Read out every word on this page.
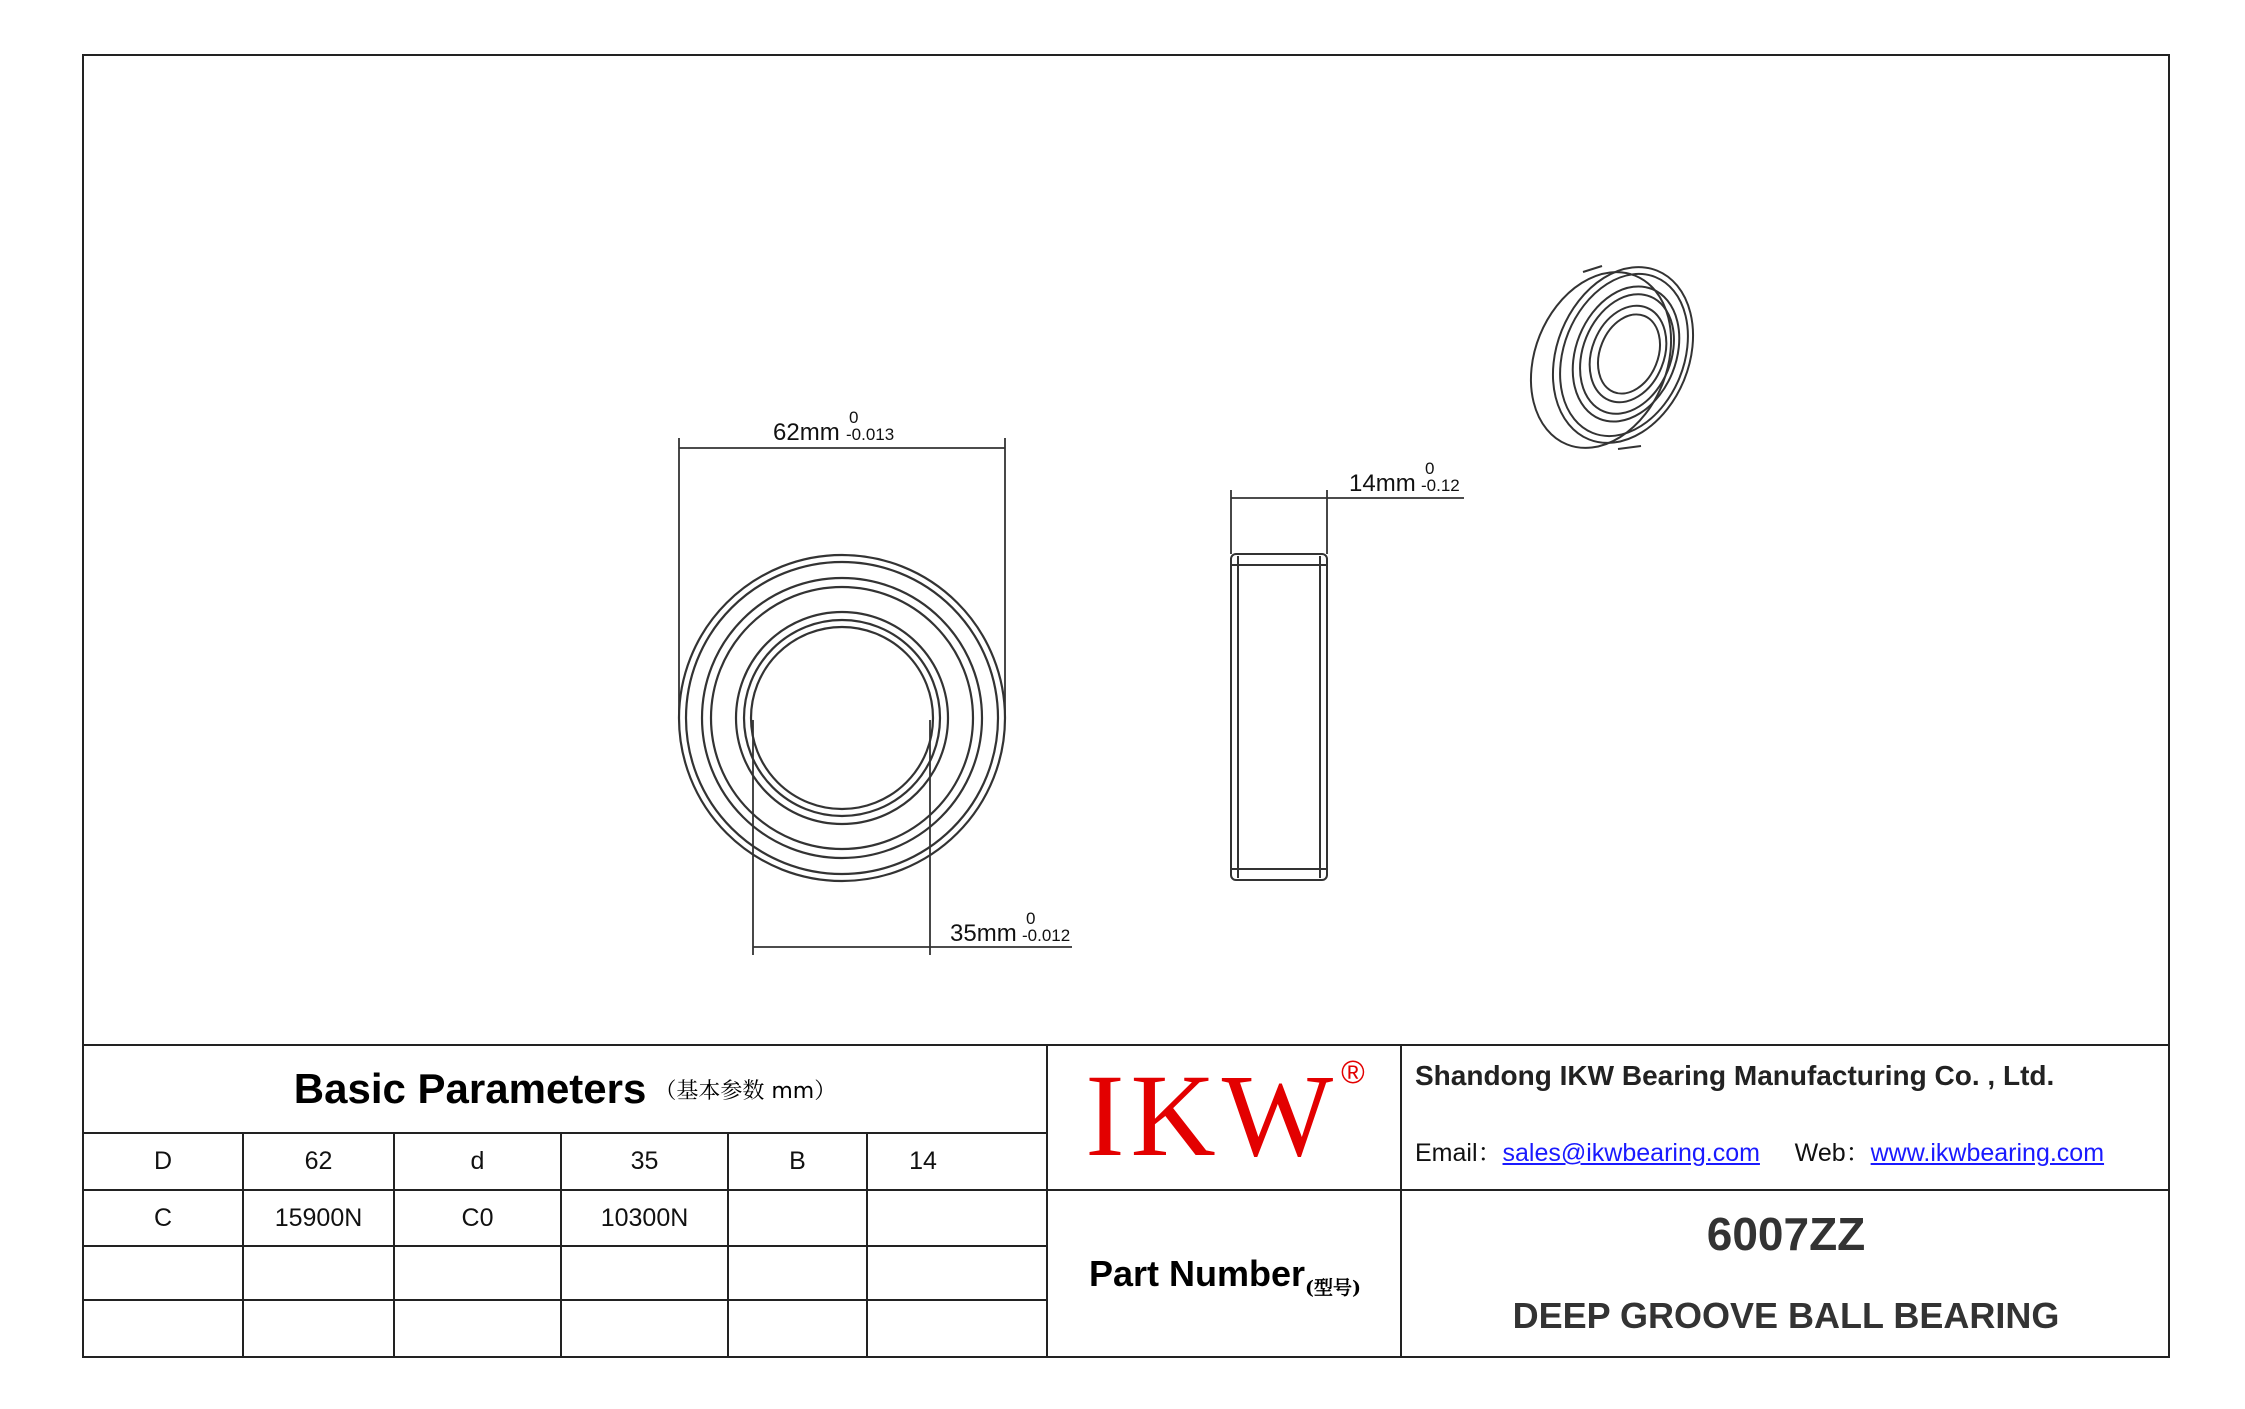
62mm
0
-0.013
35mm
0
-0.012
14mm
0
-0.12
Basic Parameters （基本参数 mm）
D	62	d	35	B	14
C	15900N	C0	10300N
IKW ® Shandong IKW Bearing Manufacturing Co. , Ltd.
Email：sales@ikwbearing.com Web：www.ikwbearing.com
Part Number (型号)
6007ZZ
DEEP GROOVE BALL BEARING
